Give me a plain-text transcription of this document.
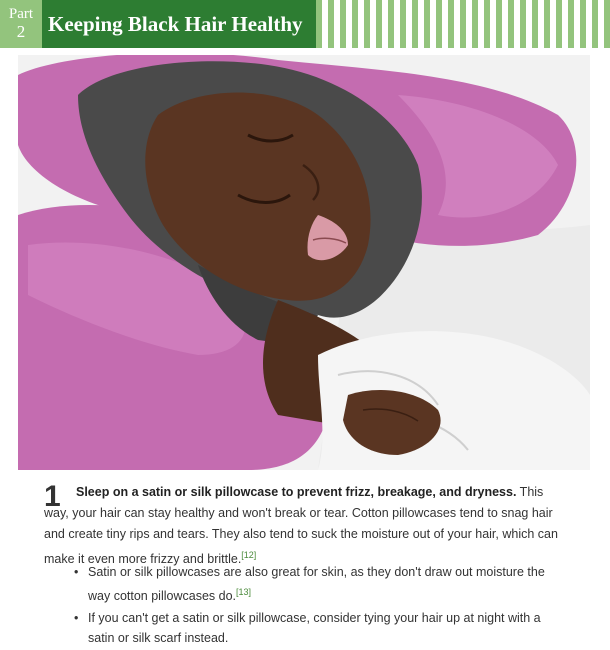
Part
2	Keeping Black Hair Healthy
1	Sleep on a satin or silk pillowcase to prevent frizz, breakage, and dryness. This way, your hair can stay healthy and won't break or tear. Cotton pillowcases tend to snag hair and create tiny rips and tears. They also tend to suck the moisture out of your hair, which can make it even more frizzy and brittle.[12]

• Satin or silk pillowcases are also great for skin, as they don't draw out moisture the way cotton pillowcases do.[13]
• If you can't get a satin or silk pillowcase, consider tying your hair up at night with a satin or silk scarf instead.
